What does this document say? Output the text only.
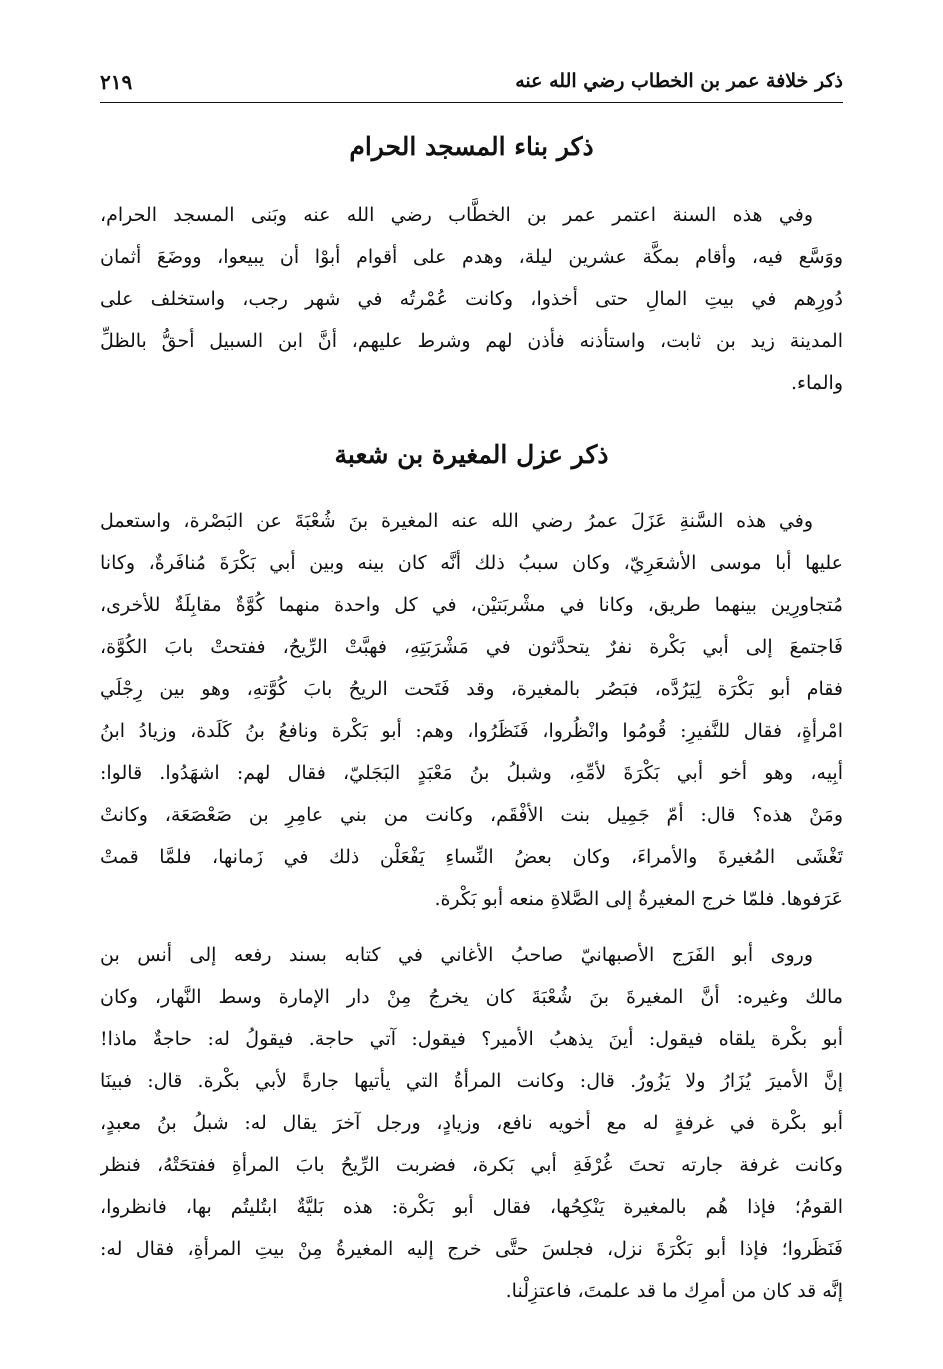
ذكر خلافة عمر بن الخطاب رضي الله عنه
٢١٩
ذكر بناء المسجد الحرام
وفي هذه السنة اعتمر عمر بن الخطَّاب رضي الله عنه وبَنى المسجد الحرام،
ووَسَّع فيه، وأقام بمكَّة عشرين ليلة، وهدم على أقوام أبوْا أن يبيعوا، ووضَعَ أثمان
دُورِهم في بيتِ المالِ حتى أخذوا، وكانت عُمْرتُه في شهر رجب، واستخلف على
المدينة زيد بن ثابت، واستأذنه فأذن لهم وشرط عليهم، أنَّ ابن السبيل أحقُّ بالظلِّ
والماء.
ذكر عزل المغيرة بن شعبة
وفي هذه السَّنةِ عَزَلَ عمرُ رضي الله عنه المغيرة بنَ شُعْبَةَ عن البَصْرة، واستعمل
عليها أبا موسى الأشعَرِيّ، وكان سببُ ذلك أنَّه كان بينه وبين أبي بَكْرَةَ مُنافَرةٌ، وكانا
مُتجاورِين بينهما طريق، وكانا في مشْربَتيْن، في كل واحدة منهما كُوَّةٌ مقابِلَةٌ للأخرى،
فَاجتمعَ إلى أبي بَكْرة نفرٌ يتحدَّثون في مَشْرَبَتِهِ، فهبَّتْ الرِّيحُ، ففتحتْ بابَ الكُوَّة،
فقام أبو بَكْرَة لِيَرُدَّه، فبَصُر بالمغيرة، وقد فَتَحت الريحُ بابَ كُوَّتهِ، وهو بين رِجْلَي
امْرأةٍ، فقال للنَّفيرِ: قُومُوا وانْظُروا، فَنَظَرُوا، وهم: أبو بَكْرة ونافعُ بنُ كَلَدة، وزيادُ ابنُ
أبِيه، وهو أخو أبي بَكْرَةَ لأمِّهِ، وشبلُ بنُ مَعْبَدٍ البَجَليّ، فقال لهم: اشهَدُوا. قالوا:
ومَنْ هذه؟ قال: أمّ جَمِيل بنت الأفْقَم، وكانت من بني عامِرِ بن صَعْصَعَة، وكانتْ
تَغْشَى المُغيرةَ والأمراءَ، وكان بعضُ النِّساءِ يَفْعَلْن ذلك في زَمانها، فلمَّا قمتْ
عَرَفوها. فلمّا خرج المغيرةُ إلى الصَّلاةِ منعه أبو بَكْرة.
وروى أبو الفَرَج الأصبهانيّ صاحبُ الأغاني في كتابه بسند رفعه إلى أنس بن
مالك وغيره: أنَّ المغيرةَ بنَ شُعْبَةَ كان يخرجُ مِنْ دار الإمارة وسط النَّهار، وكان
أبو بكْرة يلقاه فيقول: أينَ يذهبُ الأمير؟ فيقول: آتي حاجة. فيقولُ له: حاجةٌ ماذا!
إنَّ الأميرَ يُزَارُ ولا يَزُورُ. قال: وكانت المرأةُ التي يأتيها جارةً لأبي بكْرة. قال: فبينَا
أبو بكْرة في غرفةٍ له مع أخويه نافع، وزيادٍ، ورجل آخرَ يقال له: شبلُ بنُ معبدٍ،
وكانت غرفة جارته تحتَ غُرْفَةِ أبي بَكرة، فضربت الرِّيحُ بابَ المرأةِ ففتحَتْهُ، فنظر
القومُ؛ فإذا هُم بالمغيرة يَنْكِحُها، فقال أبو بَكْرة: هذه بَليَّةٌ ابتُليتُم بها، فانظروا،
فَنَظَروا؛ فإذا أبو بَكْرَةَ نزل، فجلسَ حتَّى خرج إليه المغيرةُ مِنْ بيتِ المرأةِ، فقال له:
إنَّه قد كان من أمرِك ما قد علمتَ، فاعتزِلْنا.
